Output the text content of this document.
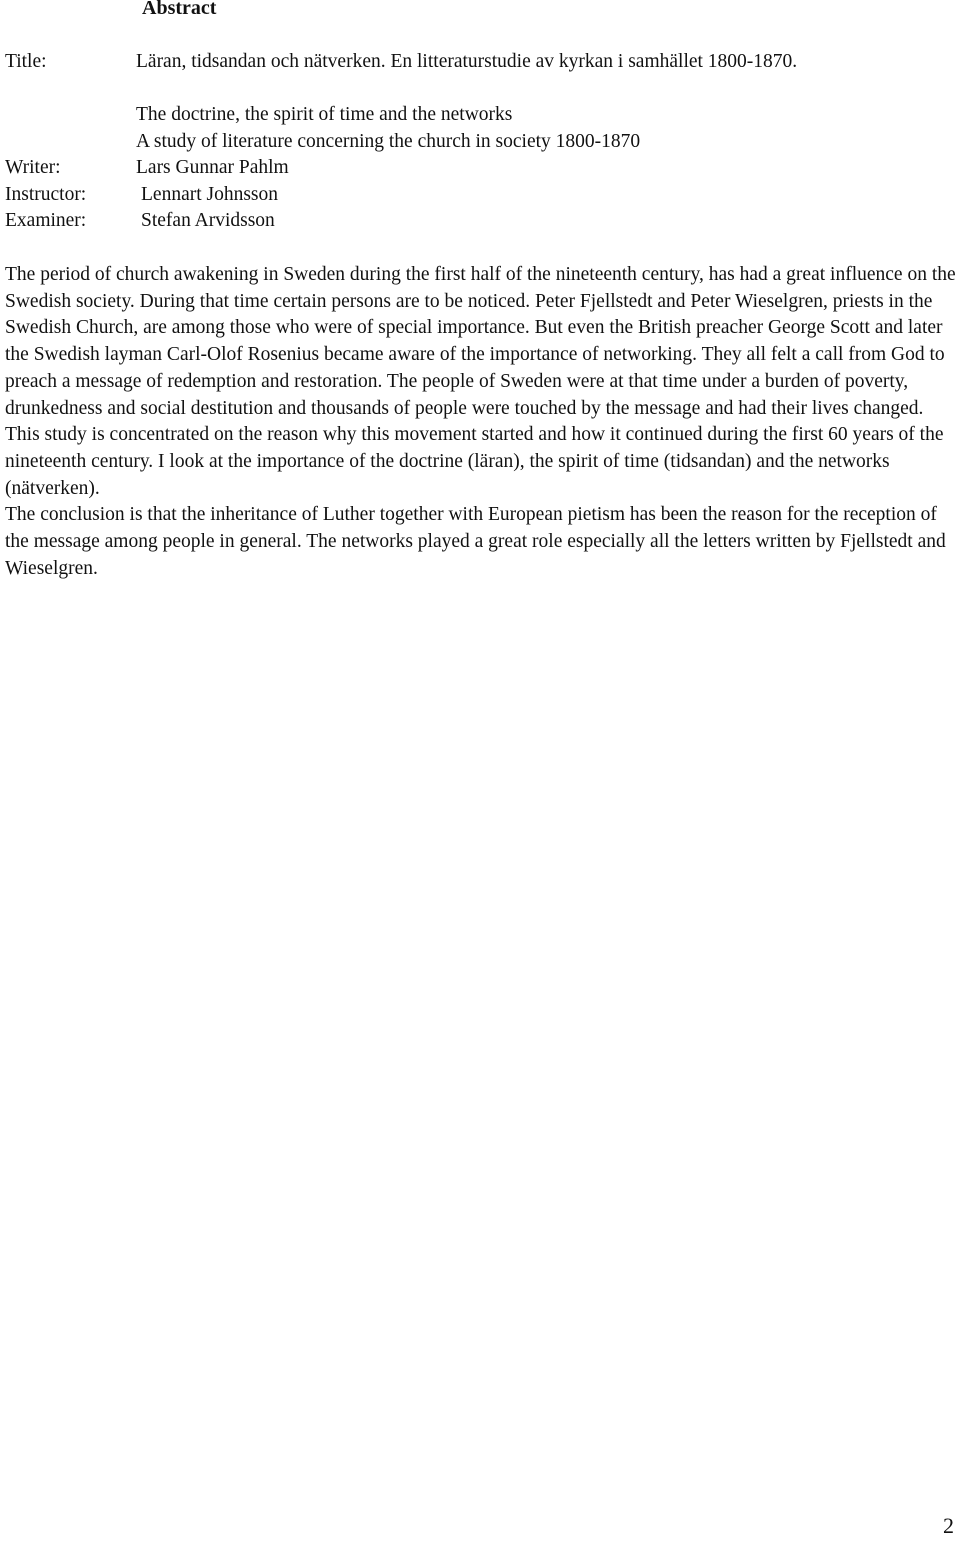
Abstract
Title:	Läran, tidsandan och nätverken. En litteraturstudie av kyrkan i samhället 1800-1870.
The doctrine, the spirit of time and the networks
A study of literature concerning the church in society 1800-1870
Writer:	Lars Gunnar Pahlm
Instructor:	Lennart Johnsson
Examiner:	Stefan Arvidsson

The period of church awakening in Sweden during the first half of the nineteenth century, has had a great influence on the Swedish society. During that time certain persons are to be noticed. Peter Fjellstedt and Peter Wieselgren, priests in the Swedish Church, are among those who were of special importance. But even the British preacher George Scott and later the Swedish layman Carl-Olof Rosenius became aware of the importance of networking. They all felt a call from God to preach a message of redemption and restoration. The people of Sweden were at that time under a burden of poverty, drunkedness and social destitution and thousands of people were touched by the message and had their lives changed.

This study is concentrated on the reason why this movement started and how it continued during the first 60 years of the nineteenth century. I look at the importance of the doctrine (läran), the spirit of time (tidsandan) and the networks (nätverken).

The conclusion is that the inheritance of Luther together with European pietism has been the reason for the reception of the message among people in general. The networks played a great role especially all the letters written by Fjellstedt and Wieselgren.

2
